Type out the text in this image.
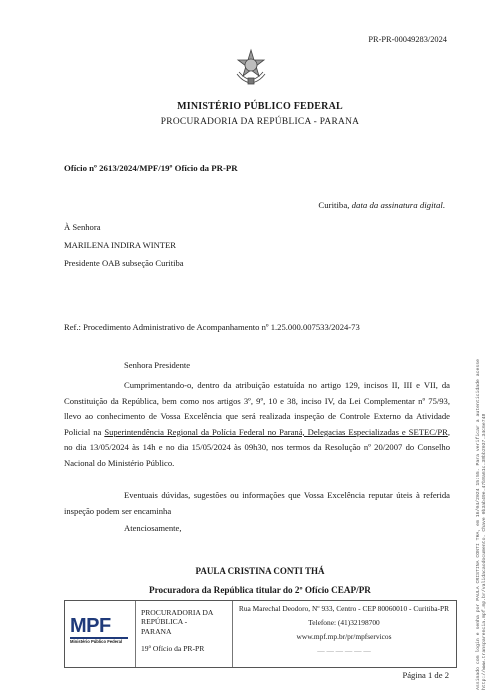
PR-PR-00049283/2024
MINISTÉRIO PÚBLICO FEDERAL
PROCURADORIA DA REPÚBLICA - PARANA
Ofício nº 2613/2024/MPF/19º Ofício da PR-PR
Curitiba, data da assinatura digital.
À Senhora
MARILENA INDIRA WINTER
Presidente OAB subseção Curitiba
Ref.: Procedimento Administrativo de Acompanhamento nº 1.25.000.007533/2024-73
Senhora Presidente
Cumprimentando-o, dentro da atribuição estatuída no artigo 129, incisos II, III e VII, da Constituição da República, bem como nos artigos 3º, 9º, 10 e 38, inciso IV, da Lei Complementar nº 75/93, llevo ao conhecimento de Vossa Excelência que será realizada inspeção de Controle Externo da Atividade Policial na Superintendência Regional da Polícia Federal no Paraná, Delegacias Especializadas e SETEC/PR, no dia 13/05/2024 às 14h e no dia 15/05/2024 às 09h30, nos termos da Resolução nº 20/2007 do Conselho Nacional do Ministério Público.
Eventuais dúvidas, sugestões ou informações que Vossa Excelência reputar úteis à referida inspeção podem ser encaminha
Atenciosamente,
PAULA CRISTINA CONTI THÁ
Procuradora da República titular do 2º Ofício CEAP/PR
MPF
Ministério Público Federal
PROCURADORIA DA
REPÚBLICA -
PARANA
19º Ofício da PR-PR
Rua Marechal Deodoro, Nº 933, Centro - CEP 80060010 - Curitiba-PR
Telefone: (41)32198700
www.mpf.mp.br/pr/mpfservicos
— — — — — —
Página 1 de 2	Assinado com login e senha por PAULA CRISTINA CONTI THA, em 16/04/2024 15:55. Para verificar a autenticidade acesse http://www.transparencia.mpf.mp.br/validacaodocumento. Chave 0b3ab49e.47b8a61c.38bb2037.34c6e748
